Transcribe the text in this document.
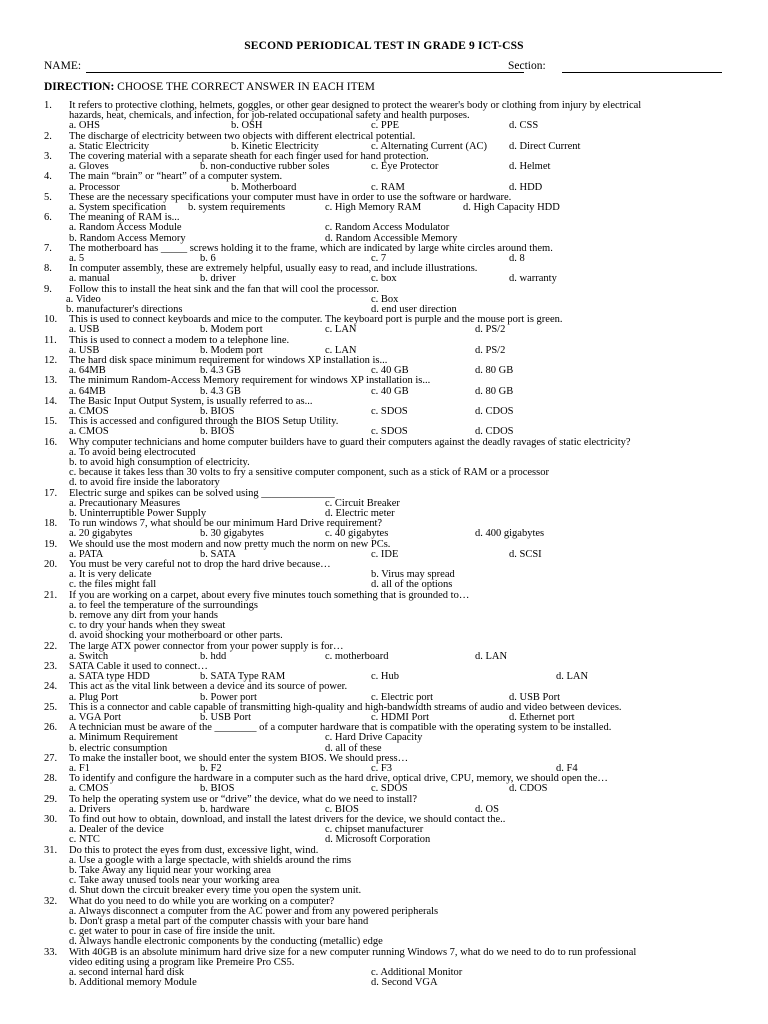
SECOND PERIODICAL TEST IN GRADE 9 ICT-CSS
NAME:	Section:
DIRECTION: CHOOSE THE CORRECT ANSWER IN EACH ITEM
1. It refers to protective clothing, helmets, goggles, or other gear designed to protect the wearer's body or clothing from injury by electrical
hazards, heat, chemicals, and infection, for job-related occupational safety and health purposes.
a. OHS	b. OSH	c. PPE	d. CSS
2. The discharge of electricity between two objects with different electrical potential.
a. Static Electricity	b. Kinetic Electricity	c. Alternating Current (AC) d. Direct Current
3. The covering material with a separate sheath for each finger used for hand protection.
a. Gloves	b. non-conductive rubber soles	c. Eye Protector	d. Helmet
4. The main “brain” or “heart” of a computer system.
a. Processor	b. Motherboard	c. RAM	d. HDD
5. These are the necessary specifications your computer must have in order to use the software or hardware.
a. System specification b. system requirements	c. High Memory RAM	d. High Capacity HDD
6. The meaning of RAM is...
a. Random Access Module	c. Random Access Modulator
b. Random Access Memory	d. Random Accessible Memory
7. The motherboard has _____ screws holding it to the frame, which are indicated by large white circles around them.
a. 5	b. 6	c. 7	d. 8
8. In computer assembly, these are extremely helpful, usually easy to read, and include illustrations.
a. manual	b. driver	c. box	d. warranty
9. Follow this to install the heat sink and the fan that will cool the processor.
a. Video	c. Box
b. manufacturer's directions	d. end user direction
10. This is used to connect keyboards and mice to the computer. The keyboard port is purple and the mouse port is green.
a. USB	b. Modem port	c. LAN	d. PS/2
11. This is used to connect a modem to a telephone line.
a. USB	b. Modem port	c. LAN	d. PS/2
12. The hard disk space minimum requirement for windows XP installation is...
a. 64MB	b. 4.3 GB	c. 40 GB	d. 80 GB
13. The minimum Random-Access Memory requirement for windows XP installation is...
a. 64MB	b. 4.3 GB	c. 40 GB	d. 80 GB
14. The Basic Input Output System, is usually referred to as...
a. CMOS	b. BIOS	c. SDOS	d. CDOS
15. This is accessed and configured through the BIOS Setup Utility.
a. CMOS	b. BIOS	c. SDOS	d. CDOS
16. Why computer technicians and home computer builders have to guard their computers against the deadly ravages of static electricity?
a. To avoid being electrocuted
b. to avoid high consumption of electricity.
c. because it takes less than 30 volts to fry a sensitive computer component, such as a stick of RAM or a processor
d. to avoid fire inside the laboratory
17. Electric surge and spikes can be solved using ______________
a. Precautionary Measures	c. Circuit Breaker
b. Uninterruptible Power Supply	d. Electric meter
18. To run windows 7, what should be our minimum Hard Drive requirement?
a. 20 gigabytes	b. 30 gigabytes	c. 40 gigabytes	d. 400 gigabytes
19. We should use the most modern and now pretty much the norm on new PCs.
a. PATA	b. SATA	c. IDE	d. SCSI
20. You must be very careful not to drop the hard drive because…
a. It is very delicate	b. Virus may spread
c. the files might fall	d. all of the options
21. If you are working on a carpet, about every five minutes touch something that is grounded to…
a. to feel the temperature of the surroundings
b. remove any dirt from your hands
c. to dry your hands when they sweat
d. avoid shocking your motherboard or other parts.
22. The large ATX power connector from your power supply is for…
a. Switch	b. hdd	c. motherboard	d. LAN
23. SATA Cable it used to connect…
a. SATA type HDD	b. SATA Type RAM	c. Hub	d. LAN
24. This act as the vital link between a device and its source of power.
a. Plug Port	b. Power port	c. Electric port	d. USB Port
25. This is a connector and cable capable of transmitting high-quality and high-bandwidth streams of audio and video between devices.
a. VGA Port	b. USB Port	c. HDMI Port	d. Ethernet port
26. A technician must be aware of the ________ of a computer hardware that is compatible with the operating system to be installed.
a. Minimum Requirement	c. Hard Drive Capacity
b. electric consumption	d. all of these
27. To make the installer boot, we should enter the system BIOS. We should press…
a. F1	b. F2	c. F3	d. F4
28. To identify and configure the hardware in a computer such as the hard drive, optical drive, CPU, memory, we should open the…
a. CMOS	b. BIOS	c. SDOS	d. CDOS
29. To help the operating system use or “drive” the device, what do we need to install?
a. Drivers	b. hardware	c. BIOS	d. OS
30. To find out how to obtain, download, and install the latest drivers for the device, we should contact the..
a. Dealer of the device	c. chipset manufacturer
c. NTC	d. Microsoft Corporation
31. Do this to protect the eyes from dust, excessive light, wind.
a. Use a google with a large spectacle, with shields around the rims
b. Take Away any liquid near your working area
c. Take away unused tools near your working area
d. Shut down the circuit breaker every time you open the system unit.
32. What do you need to do while you are working on a computer?
a. Always disconnect a computer from the AC power and from any powered peripherals
b. Don't grasp a metal part of the computer chassis with your bare hand
c. get water to pour in case of fire inside the unit.
d. Always handle electronic components by the conducting (metallic) edge
33. With 40GB is an absolute minimum hard drive size for a new computer running Windows 7, what do we need to do to run professional
video editing using a program like Premeire Pro CS5.
a. second internal hard disk	c. Additional Monitor
b. Additional memory Module	d. Second VGA
